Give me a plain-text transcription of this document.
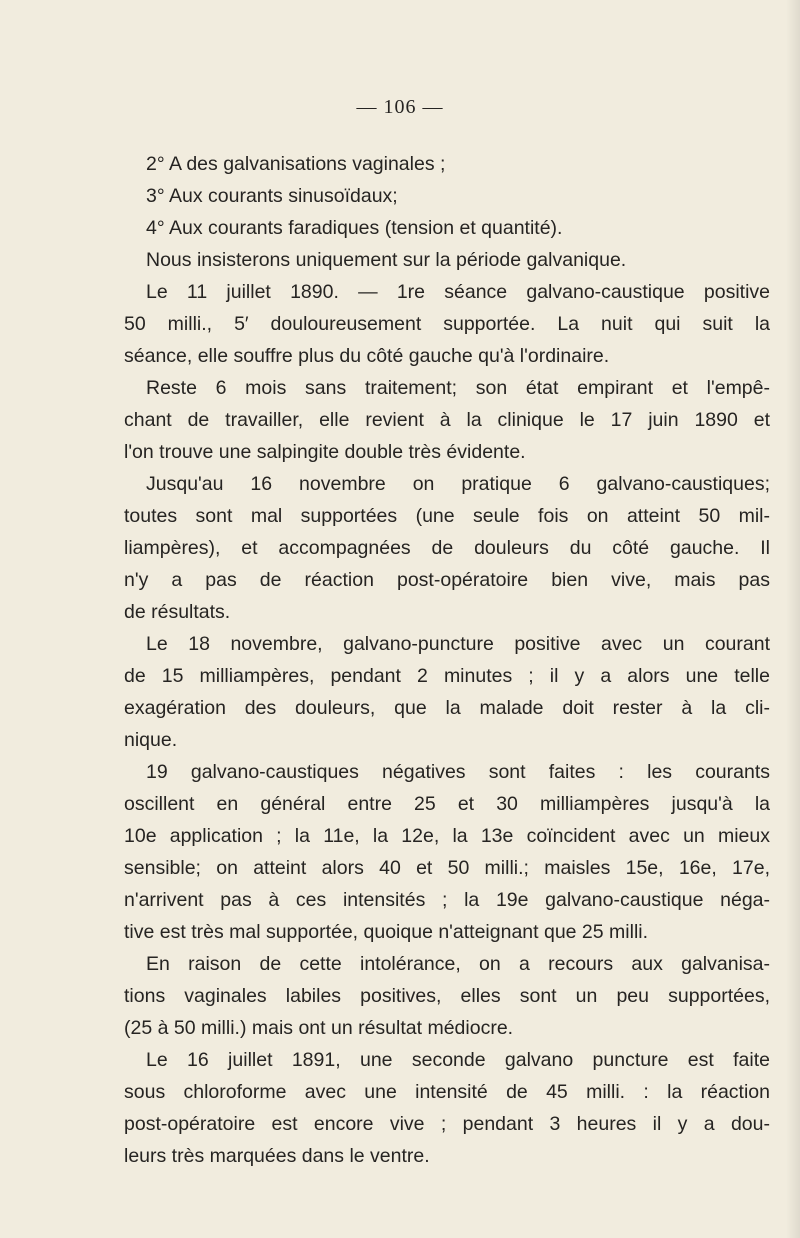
— 106 —
2° A des galvanisations vaginales ;
3° Aux courants sinusoïdaux;
4° Aux courants faradiques (tension et quantité).
Nous insisterons uniquement sur la période galvanique.
Le 11 juillet 1890. — 1re séance galvano-caustique positive
50 milli., 5′ douloureusement supportée. La nuit qui suit la
séance, elle souffre plus du côté gauche qu'à l'ordinaire.
Reste 6 mois sans traitement; son état empirant et l'empê-
chant de travailler, elle revient à la clinique le 17 juin 1890 et
l'on trouve une salpingite double très évidente.
Jusqu'au 16 novembre on pratique 6 galvano-caustiques;
toutes sont mal supportées (une seule fois on atteint 50 mil-
liampères), et accompagnées de douleurs du côté gauche. Il
n'y a pas de réaction post-opératoire bien vive, mais pas
de résultats.
Le 18 novembre, galvano-puncture positive avec un courant
de 15 milliampères, pendant 2 minutes ; il y a alors une telle
exagération des douleurs, que la malade doit rester à la cli-
nique.
19 galvano-caustiques négatives sont faites : les courants
oscillent en général entre 25 et 30 milliampères jusqu'à la
10e application ; la 11e, la 12e, la 13e coïncident avec un mieux
sensible; on atteint alors 40 et 50 milli.; maisles 15e, 16e, 17e,
n'arrivent pas à ces intensités ; la 19e galvano-caustique néga-
tive est très mal supportée, quoique n'atteignant que 25 milli.
En raison de cette intolérance, on a recours aux galvanisa-
tions vaginales labiles positives, elles sont un peu supportées,
(25 à 50 milli.) mais ont un résultat médiocre.
Le 16 juillet 1891, une seconde galvano puncture est faite
sous chloroforme avec une intensité de 45 milli. : la réaction
post-opératoire est encore vive ; pendant 3 heures il y a dou-
leurs très marquées dans le ventre.
